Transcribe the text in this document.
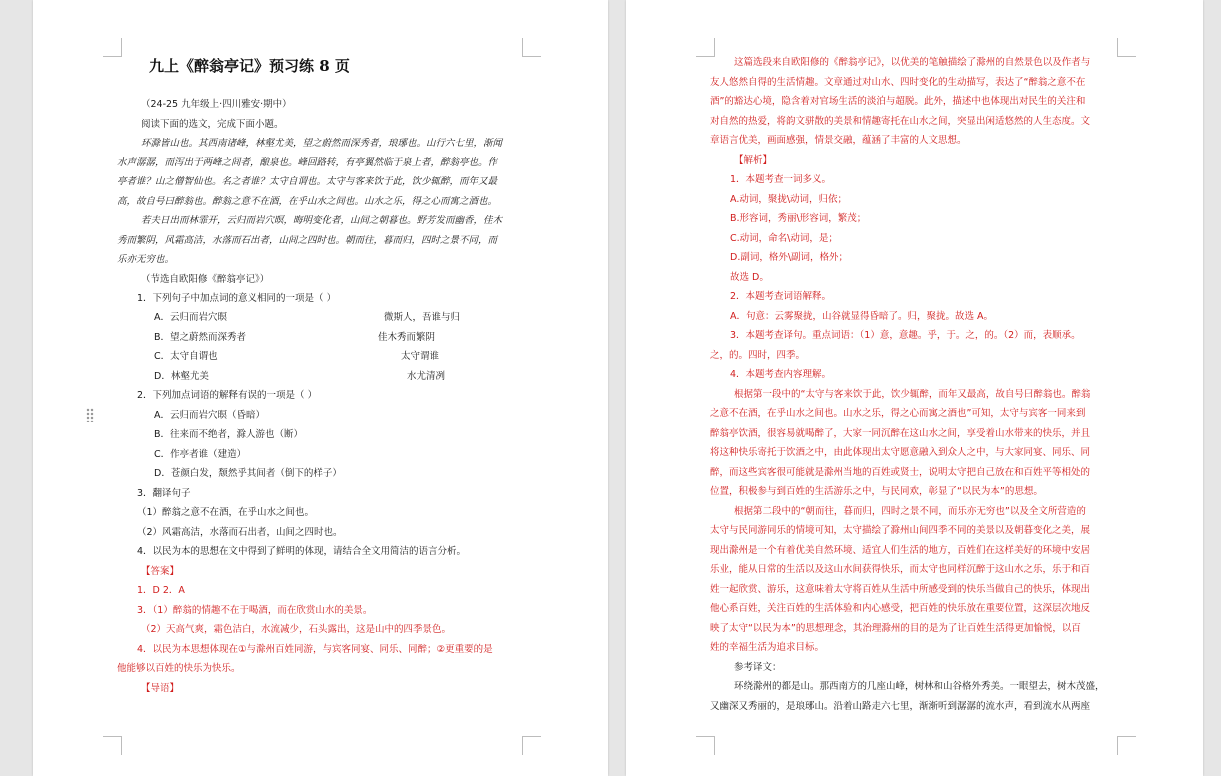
九上《醉翁亭记》预习练 8 页
（24-25 九年级上·四川雅安·期中）
阅读下面的选文，完成下面小题。
环滁皆山也。其西南诸峰，林壑尤美，望之蔚然而深秀者，琅琊也。山行六七里，渐闻
水声潺潺，而泻出于两峰之间者，酿泉也。峰回路转，有亭翼然临于泉上者，醉翁亭也。作
亭者谁？山之僧智仙也。名之者谁？太守自谓也。太守与客来饮于此，饮少辄醉，而年又最
高，故自号曰醉翁也。醉翁之意不在酒，在乎山水之间也。山水之乐，得之心而寓之酒也。
若夫日出而林霏开，云归而岩穴暝，晦明变化者，山间之朝暮也。野芳发而幽香，佳木
秀而繁阴，风霜高洁，水落而石出者，山间之四时也。朝而往，暮而归，四时之景不同，而
乐亦无穷也。
（节选自欧阳修《醉翁亭记》）
1．下列句子中加点词的意义相同的一项是（ ）
A．云归而岩穴暝	微斯人，吾谁与归
B．望之蔚然而深秀者	佳木秀而繁阴
C．太守自谓也	太守谓谁
D．林壑尤美	水尤清冽
2．下列加点词语的解释有误的一项是（ ）
A．云归而岩穴暝（昏暗）
B．往来而不绝者，滁人游也（断）
C．作亭者谁（建造）
D．苍颜白发，颓然乎其间者（倒下的样子）
3．翻译句子
（1）醉翁之意不在酒，在乎山水之间也。
（2）风霜高洁，水落而石出者，山间之四时也。
4．以民为本的思想在文中得到了鲜明的体现，请结合全文用简洁的语言分析。
【答案】
1．D 2．A
3．（1）醉翁的情趣不在于喝酒，而在欣赏山水的美景。
（2）天高气爽，霜色洁白，水流减少，石头露出，这是山中的四季景色。
4．以民为本思想体现在①与滁州百姓同游，与宾客同宴、同乐、同醉；②更重要的是
他能够以百姓的快乐为快乐。
【导语】
这篇选段来自欧阳修的《醉翁亭记》，以优美的笔触描绘了滁州的自然景色以及作者与
友人悠然自得的生活情趣。文章通过对山水、四时变化的生动描写，表达了“醉翁之意不在
酒”的豁达心境，隐含着对官场生活的淡泊与超脱。此外，描述中也体现出对民生的关注和
对自然的热爱，将韵文骈散的美景和情趣寄托在山水之间，突显出闲适悠然的人生态度。文
章语言优美，画面感强，情景交融，蕴涵了丰富的人文思想。
【解析】
1．本题考查一词多义。
A.动词，聚拢\动词，归依；
B.形容词，秀丽\形容词，繁茂；
C.动词，命名\动词，是；
D.副词，格外\副词，格外；
故选 D。
2．本题考查词语解释。
A．句意：云雾聚拢，山谷就显得昏暗了。归，聚拢。故选 A。
3．本题考查译句。重点词语：（1）意，意趣。乎，于。之，的。（2）而，表顺承。
之，的。四时，四季。
4．本题考查内容理解。
根据第一段中的“太守与客来饮于此，饮少辄醉，而年又最高，故自号曰醉翁也。醉翁
之意不在酒，在乎山水之间也。山水之乐，得之心而寓之酒也”可知，太守与宾客一同来到
醉翁亭饮酒，很容易就喝醉了，大家一同沉醉在这山水之间，享受着山水带来的快乐，并且
将这种快乐寄托于饮酒之中，由此体现出太守愿意融入到众人之中，与大家同宴、同乐、同
醉，而这些宾客很可能就是滁州当地的百姓或贤士，说明太守把自己放在和百姓平等相处的
位置，积极参与到百姓的生活游乐之中，与民同欢，彰显了“以民为本”的思想。
根据第二段中的“朝而往，暮而归，四时之景不同，而乐亦无穷也”以及全文所营造的
太守与民同游同乐的情境可知，太守描绘了滁州山间四季不同的美景以及朝暮变化之美，展
现出滁州是一个有着优美自然环境、适宜人们生活的地方，百姓们在这样美好的环境中安居
乐业，能从日常的生活以及这山水间获得快乐，而太守也同样沉醉于这山水之乐，乐于和百
姓一起欣赏、游乐，这意味着太守将百姓从生活中所感受到的快乐当做自己的快乐，体现出
他心系百姓，关注百姓的生活体验和内心感受，把百姓的快乐放在重要位置，这深层次地反
映了太守“以民为本”的思想理念，其治理滁州的目的是为了让百姓生活得更加愉悦，以百
姓的幸福生活为追求目标。
参考译文：
环绕滁州的都是山。那西南方的几座山峰，树林和山谷格外秀美。一眼望去，树木茂盛，
又幽深又秀丽的，是琅琊山。沿着山路走六七里，渐渐听到潺潺的流水声，看到流水从两座
